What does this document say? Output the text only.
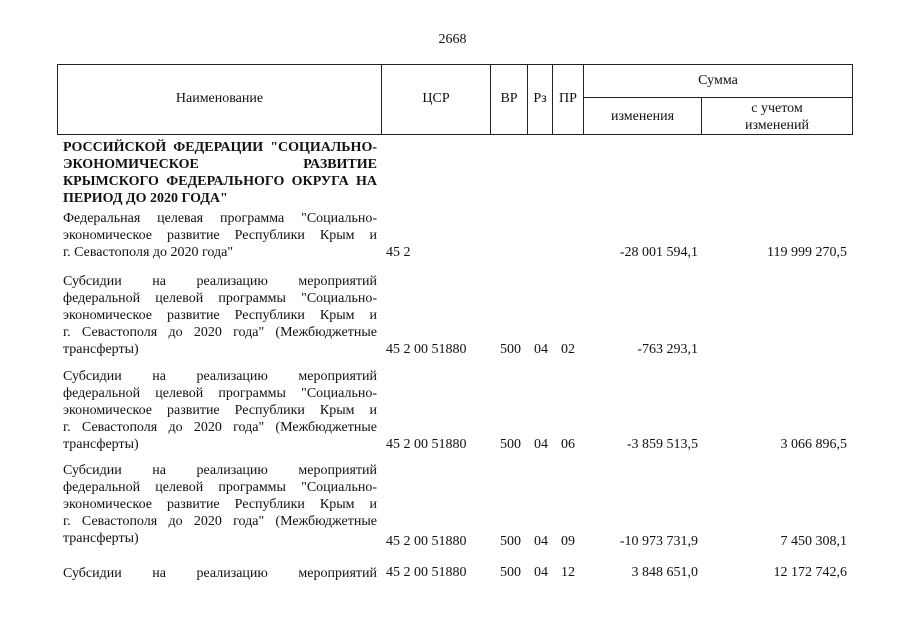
2668
Наименование	ЦСР	ВР	Рз ПР
Сумма
изменения
с учетом
изменений
РОССИЙСКОЙ ФЕДЕРАЦИИ "СОЦИАЛЬНО-
ЭКОНОМИЧЕСКОЕ РАЗВИТИЕ
КРЫМСКОГО ФЕДЕРАЛЬНОГО ОКРУГА НА
ПЕРИОД ДО 2020 ГОДА"
Федеральная целевая программа "Социально-
экономическое развитие Республики Крым и
г. Севастополя до 2020 года"	45 2	-28 001 594,1	119 999 270,5
Субсидии на реализацию мероприятий
федеральной целевой программы "Социально-
экономическое развитие Республики Крым и
г. Севастополя до 2020 года" (Межбюджетные
трансферты)	45 2 00 51880	500 04 02	-763 293,1
Субсидии на реализацию мероприятий
федеральной целевой программы "Социально-
экономическое развитие Республики Крым и
г. Севастополя до 2020 года" (Межбюджетные
трансферты)	45 2 00 51880	500 04 06	-3 859 513,5	3 066 896,5
Субсидии на реализацию мероприятий
федеральной целевой программы "Социально-
экономическое развитие Республики Крым и
г. Севастополя до 2020 года" (Межбюджетные
трансферты)	45 2 00 51880	500 04 09	-10 973 731,9	7 450 308,1
Субсидии на реализацию мероприятий 45 2 00 51880	500 04 12	3 848 651,0	12 172 742,6
